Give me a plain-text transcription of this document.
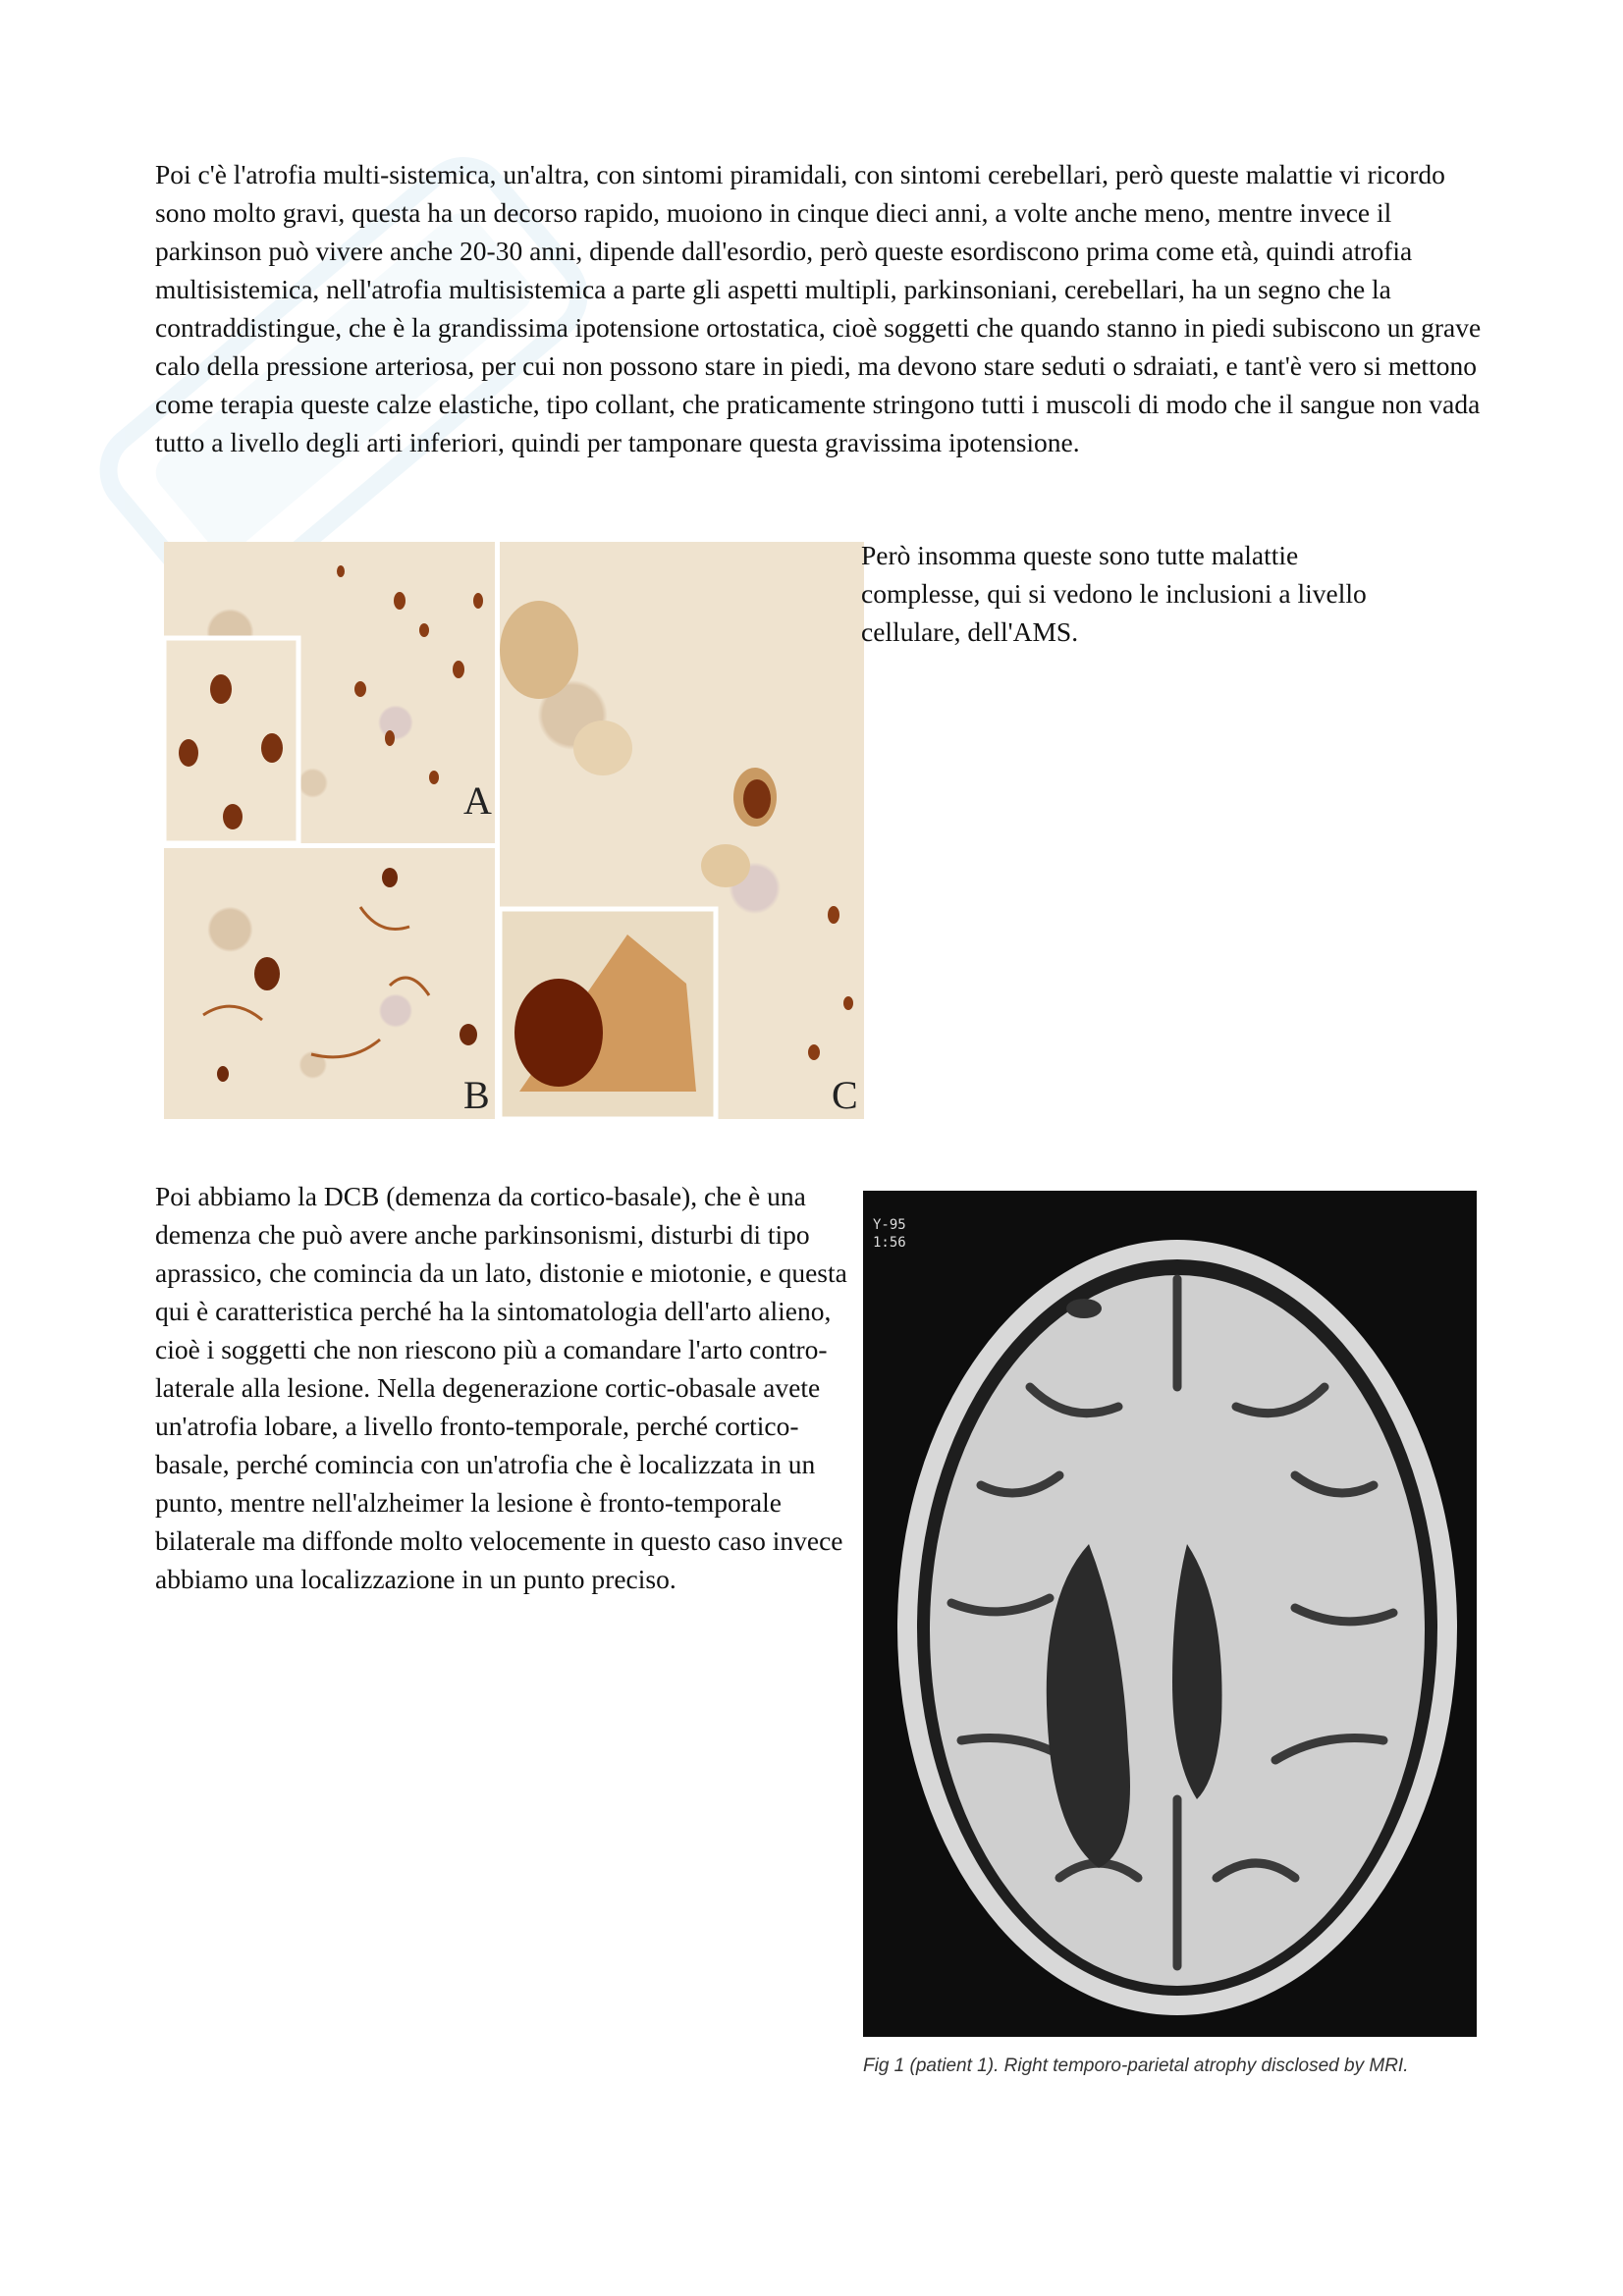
Poi c'è l'atrofia multi-sistemica, un'altra, con sintomi piramidali, con sintomi cerebellari, però queste malattie vi ricordo sono molto gravi, questa ha un decorso rapido, muoiono in cinque dieci anni, a volte anche meno, mentre invece il parkinson può vivere anche 20-30 anni, dipende dall'esordio, però queste esordiscono prima come età, quindi atrofia multisistemica, nell'atrofia multisistemica a parte gli aspetti multipli, parkinsoniani, cerebellari, ha un segno che la contraddistingue, che è la grandissima ipotensione ortostatica, cioè soggetti che quando stanno in piedi subiscono un grave calo della pressione arteriosa, per cui non possono stare in piedi, ma devono stare seduti o sdraiati, e tant'è vero si mettono come terapia queste calze elastiche, tipo collant, che praticamente stringono tutti i muscoli di modo che il sangue non vada tutto a livello degli arti inferiori, quindi per tamponare questa gravissima ipotensione.

A
B	C

Però insomma queste sono tutte malattie complesse, qui si vedono le inclusioni a livello cellulare, dell'AMS.

Poi abbiamo la DCB (demenza da cortico-basale), che è una demenza che può avere anche parkinsonismi, disturbi di tipo aprassico, che comincia da un lato, distonie e miotonie, e questa qui è caratteristica perché ha la sintomatologia dell'arto alieno, cioè i soggetti che non riescono più a comandare l'arto contro-laterale alla lesione. Nella degenerazione cortic-obasale avete un'atrofia lobare, a livello fronto-temporale, perché cortico-basale, perché comincia con un'atrofia che è localizzata in un punto, mentre nell'alzheimer la lesione è fronto-temporale bilaterale ma diffonde molto velocemente in questo caso invece abbiamo una localizzazione in un punto preciso.

Y-95
1:56
Fig 1 (patient 1). Right temporo-parietal atrophy disclosed by MRI.
